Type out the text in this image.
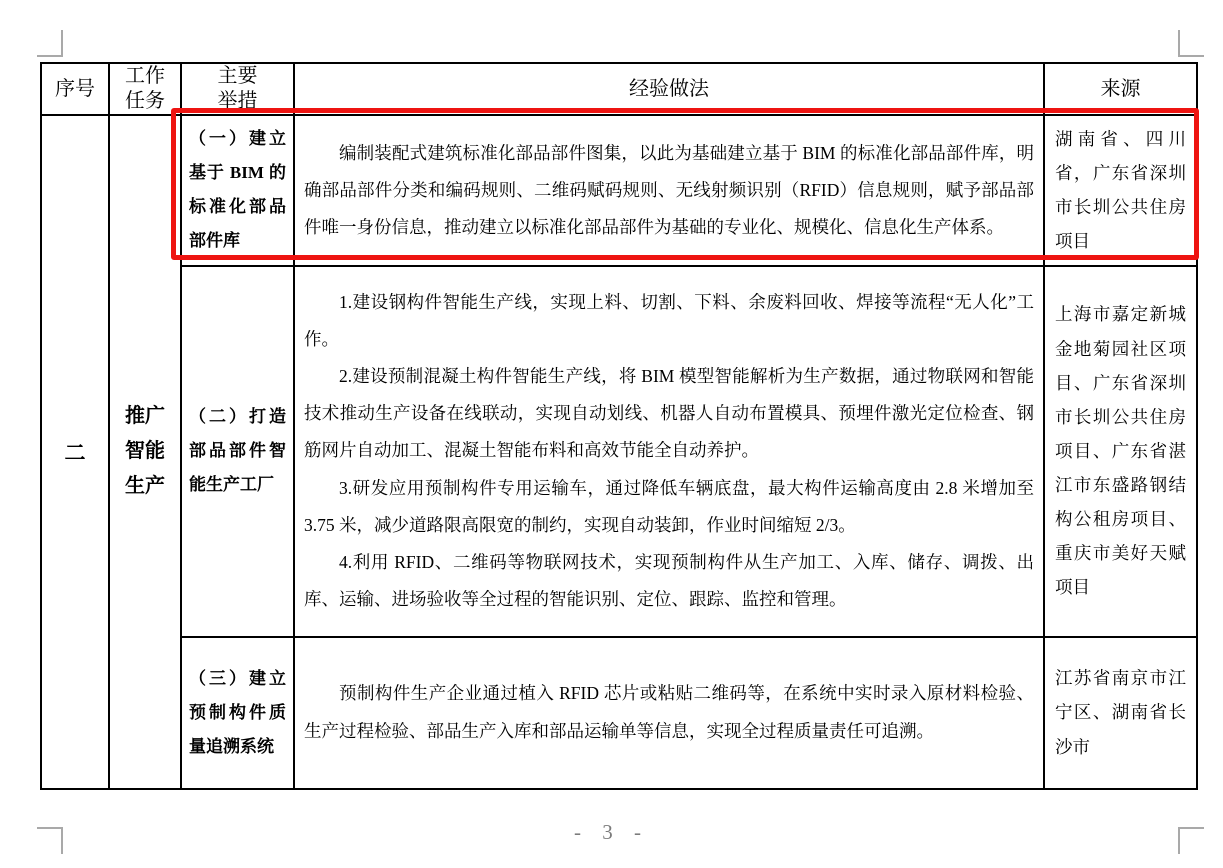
序号	工作任务	主要举措	经验做法	来源
二	推广智能生产	（一）建立基于 BIM 的标准化部品部件库	编制装配式建筑标准化部品部件图集，以此为基础建立基于 BIM 的标准化部品部件库，明确部品部件分类和编码规则、二维码赋码规则、无线射频识别（RFID）信息规则，赋予部品部件唯一身份信息，推动建立以标准化部品部件为基础的专业化、规模化、信息化生产体系。	湖南省、四川省，广东省深圳市长圳公共住房项目
		（二）打造部品部件智能生产工厂	1.建设钢构件智能生产线，实现上料、切割、下料、余废料回收、焊接等流程“无人化”工作。

2.建设预制混凝土构件智能生产线，将 BIM 模型智能解析为生产数据，通过物联网和智能技术推动生产设备在线联动，实现自动划线、机器人自动布置模具、预埋件激光定位检查、钢筋网片自动加工、混凝土智能布料和高效节能全自动养护。

3.研发应用预制构件专用运输车，通过降低车辆底盘，最大构件运输高度由 2.8 米增加至 3.75 米，减少道路限高限宽的制约，实现自动装卸，作业时间缩短 2/3。

4.利用 RFID、二维码等物联网技术，实现预制构件从生产加工、入库、储存、调拨、出库、运输、进场验收等全过程的智能识别、定位、跟踪、监控和管理。	上海市嘉定新城金地菊园社区项目、广东省深圳市长圳公共住房项目、广东省湛江市东盛路钢结构公租房项目、重庆市美好天赋项目
		（三）建立预制构件质量追溯系统	预制构件生产企业通过植入 RFID 芯片或粘贴二维码等，在系统中实时录入原材料检验、生产过程检验、部品生产入库和部品运输单等信息，实现全过程质量责任可追溯。	江苏省南京市江宁区、湖南省长沙市
- 3 -
